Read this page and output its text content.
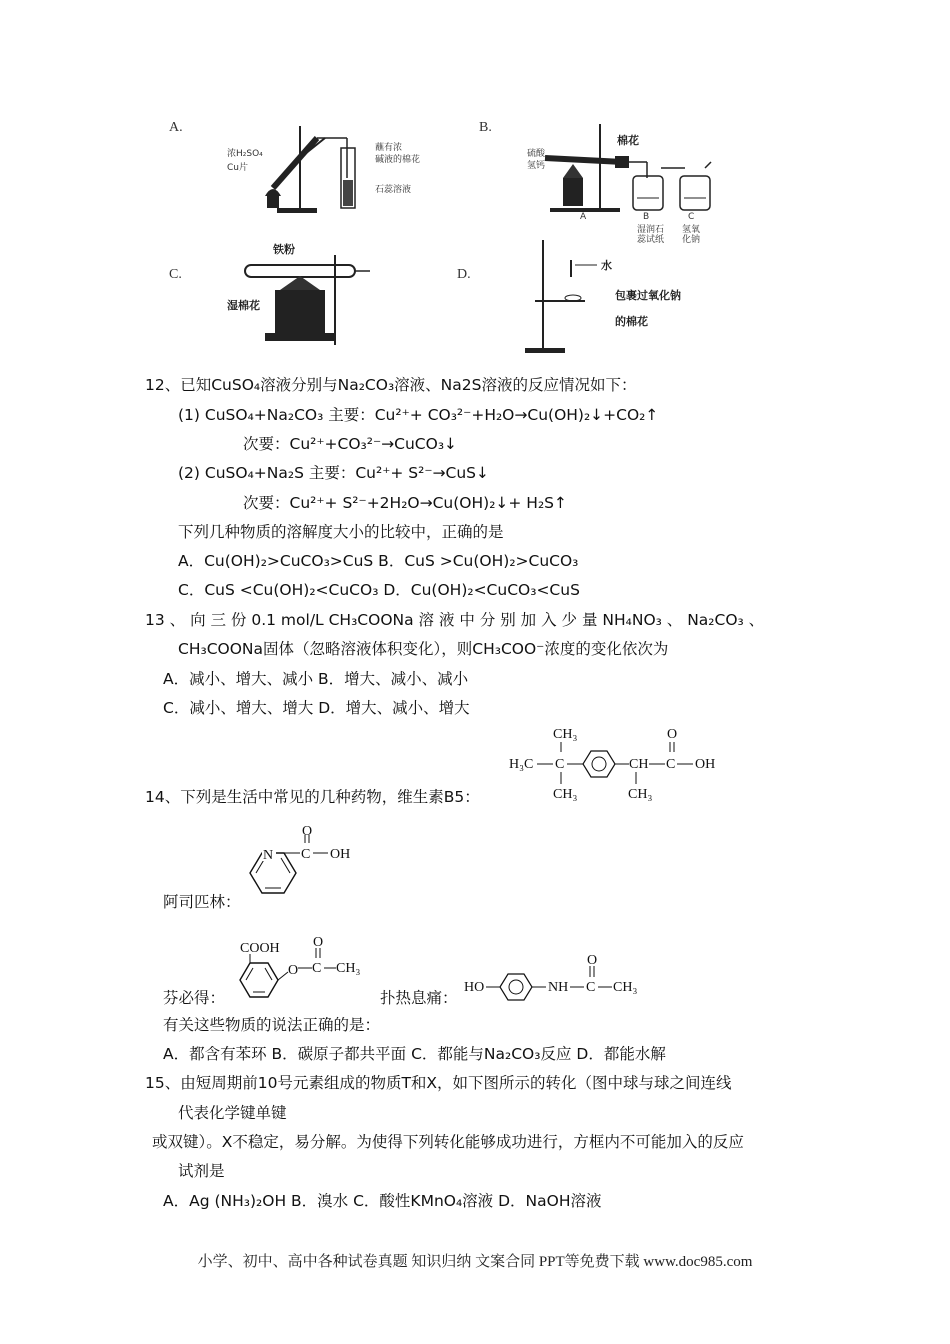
A.
浓H₂SO₄
Cu片
蘸有浓
碱液的棉花
石蕊溶液
B.
硫酸
氢钙
棉花
A	B	C
湿润石
蕊试纸
氢氧
化钠
C.
铁粉
湿棉花
D.
水
包裹过氧化钠
的棉花
12、已知CuSO₄溶液分别与Na₂CO₃溶液、Na2S溶液的反应情况如下：
(1) CuSO₄+Na₂CO₃ 主要：Cu²⁺+ CO₃²⁻+H₂O→Cu(OH)₂↓+CO₂↑
次要：Cu²⁺+CO₃²⁻→CuCO₃↓
(2) CuSO₄+Na₂S 主要：Cu²⁺+ S²⁻→CuS↓
次要：Cu²⁺+ S²⁻+2H₂O→Cu(OH)₂↓+ H₂S↑
下列几种物质的溶解度大小的比较中，正确的是
A．Cu(OH)₂>CuCO₃>CuS B．CuS >Cu(OH)₂>CuCO₃
C．CuS <Cu(OH)₂<CuCO₃ D．Cu(OH)₂<CuCO₃<CuS
13 、 向 三 份 0.1 mol/L CH₃COONa 溶 液 中 分 别 加 入 少 量 NH₄NO₃ 、 Na₂CO₃ 、
CH₃COONa固体（忽略溶液体积变化），则CH₃COO⁻浓度的变化依次为
A．减小、增大、减小 B．增大、减小、减小
C．减小、增大、增大 D．增大、减小、增大
H₃C C
CH₃
CH₃
CH
CH₃
C
O
OH
14、下列是生活中常见的几种药物，维生素B5：
N C
O
OH
阿司匹林：
COOH
O C
O
CH₃
芬必得：	扑热息痛：
HO	NH C
O
CH₃
有关这些物质的说法正确的是：
A．都含有苯环 B．碳原子都共平面 C．都能与Na₂CO₃反应 D．都能水解
15、由短周期前10号元素组成的物质T和X，如下图所示的转化（图中球与球之间连线
代表化学键单键
或双键）。X不稳定，易分解。为使得下列转化能够成功进行，方框内不可能加入的反应
试剂是
A．Ag (NH₃)₂OH B．溴水 C．酸性KMnO₄溶液 D．NaOH溶液
小学、初中、高中各种试卷真题 知识归纳 文案合同 PPT等免费下载 www.doc985.com
